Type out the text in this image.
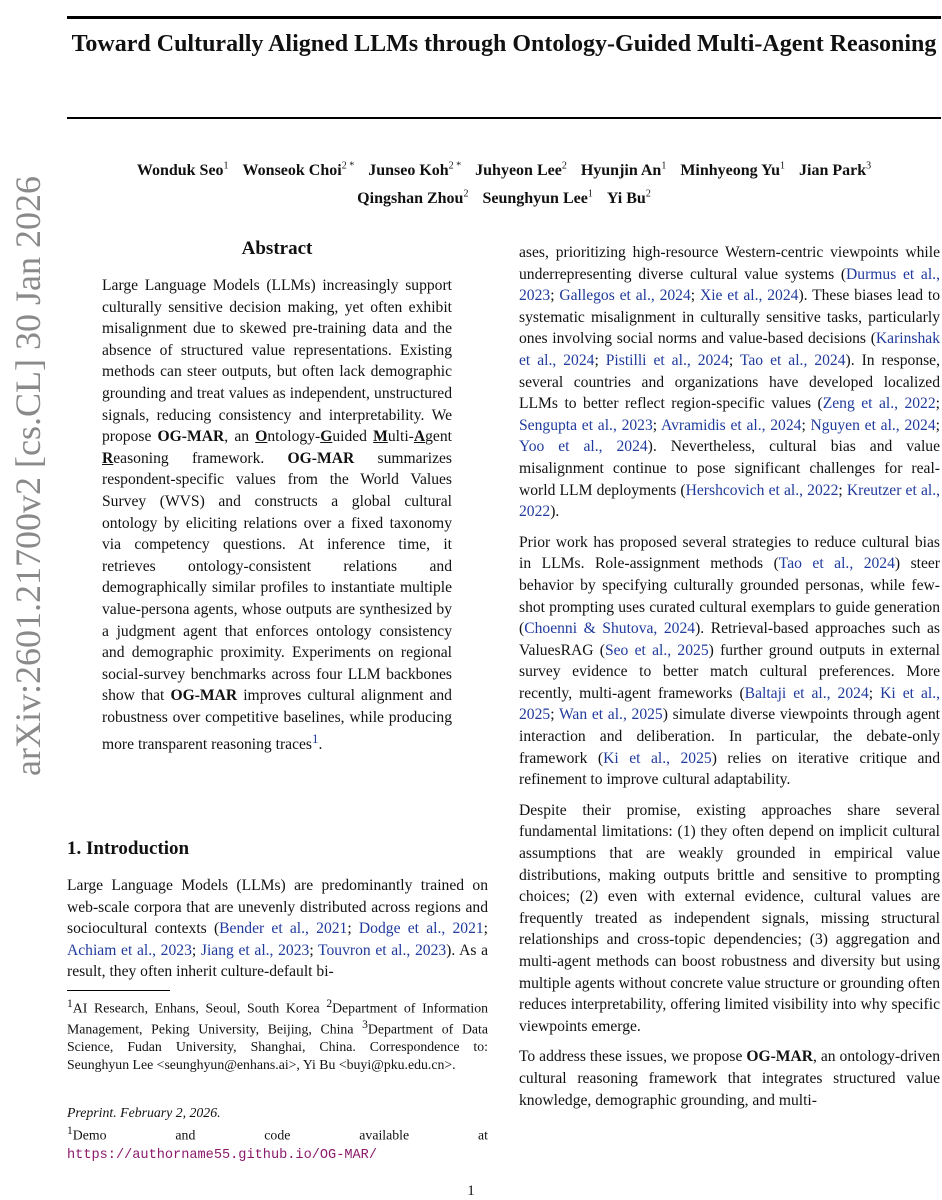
Toward Culturally Aligned LLMs through Ontology-Guided Multi-Agent Reasoning
Wonduk Seo$^1$ Wonseok Choi$^{2 *}$ Junseo Koh$^{2 *}$ Juhyeon Lee$^2$ Hyunjin An$^1$ Minhyeong Yu$^1$ Jian Park$^3$
Qingshan Zhou$^2$ Seunghyun Lee$^1$ Yi Bu$^2$
arXiv:2601.21700v2 [cs.CL] 30 Jan 2026	Abstract

Large Language Models (LLMs) increasingly support culturally sensitive decision making, yet often exhibit misalignment due to skewed pre-training data and the absence of structured value representations. Existing methods can steer outputs, but often lack demographic grounding and treat values as independent, unstructured signals, reducing consistency and interpretability. We propose OG-MAR, an Ontology-Guided Multi-Agent Reasoning framework. OG-MAR summarizes respondent-specific values from the World Values Survey (WVS) and constructs a global cultural ontology by eliciting relations over a fixed taxonomy via competency questions. At inference time, it retrieves ontology-consistent relations and demographically similar profiles to instantiate multiple value-persona agents, whose outputs are synthesized by a judgment agent that enforces ontology consistency and demographic proximity. Experiments on regional social-survey benchmarks across four LLM backbones show that OG-MAR improves cultural alignment and robustness over competitive baselines, while producing more transparent reasoning traces$^1$.

1. Introduction

Large Language Models (LLMs) are predominantly trained on web-scale corpora that are unevenly distributed across regions and sociocultural contexts (Bender et al., 2021; Dodge et al., 2021; Achiam et al., 2023; Jiang et al., 2023; Touvron et al., 2023). As a result, they often inherit culture-default bi-

$^1$AI Research, Enhans, Seoul, South Korea $^2$Department of Information Management, Peking University, Beijing, China $^3$Department of Data Science, Fudan University, Shanghai, China. Correspondence to: Seunghyun Lee <seunghyun@enhans.ai>, Yi Bu <buyi@pku.edu.cn>.

Preprint. February 2, 2026.
$^1$Demo and code available at https://authorname55.github.io/OG-MAR/

ases, prioritizing high-resource Western-centric viewpoints while underrepresenting diverse cultural value systems (Durmus et al., 2023; Gallegos et al., 2024; Xie et al., 2024). These biases lead to systematic misalignment in culturally sensitive tasks, particularly ones involving social norms and value-based decisions (Karinshak et al., 2024; Pistilli et al., 2024; Tao et al., 2024). In response, several countries and organizations have developed localized LLMs to better reflect region-specific values (Zeng et al., 2022; Sengupta et al., 2023; Avramidis et al., 2024; Nguyen et al., 2024; Yoo et al., 2024). Nevertheless, cultural bias and value misalignment continue to pose significant challenges for real-world LLM deployments (Hershcovich et al., 2022; Kreutzer et al., 2022).

Prior work has proposed several strategies to reduce cultural bias in LLMs. Role-assignment methods (Tao et al., 2024) steer behavior by specifying culturally grounded personas, while few-shot prompting uses curated cultural exemplars to guide generation (Choenni & Shutova, 2024). Retrieval-based approaches such as ValuesRAG (Seo et al., 2025) further ground outputs in external survey evidence to better match cultural preferences. More recently, multi-agent frameworks (Baltaji et al., 2024; Ki et al., 2025; Wan et al., 2025) simulate diverse viewpoints through agent interaction and deliberation. In particular, the debate-only framework (Ki et al., 2025) relies on iterative critique and refinement to improve cultural adaptability.

Despite their promise, existing approaches share several fundamental limitations: (1) they often depend on implicit cultural assumptions that are weakly grounded in empirical value distributions, making outputs brittle and sensitive to prompting choices; (2) even with external evidence, cultural values are frequently treated as independent signals, missing structural relationships and cross-topic dependencies; (3) aggregation and multi-agent methods can boost robustness and diversity but using multiple agents without concrete value structure or grounding often reduces interpretability, offering limited visibility into why specific viewpoints emerge.

To address these issues, we propose OG-MAR, an ontology-driven cultural reasoning framework that integrates structured value knowledge, demographic grounding, and multi-

1
